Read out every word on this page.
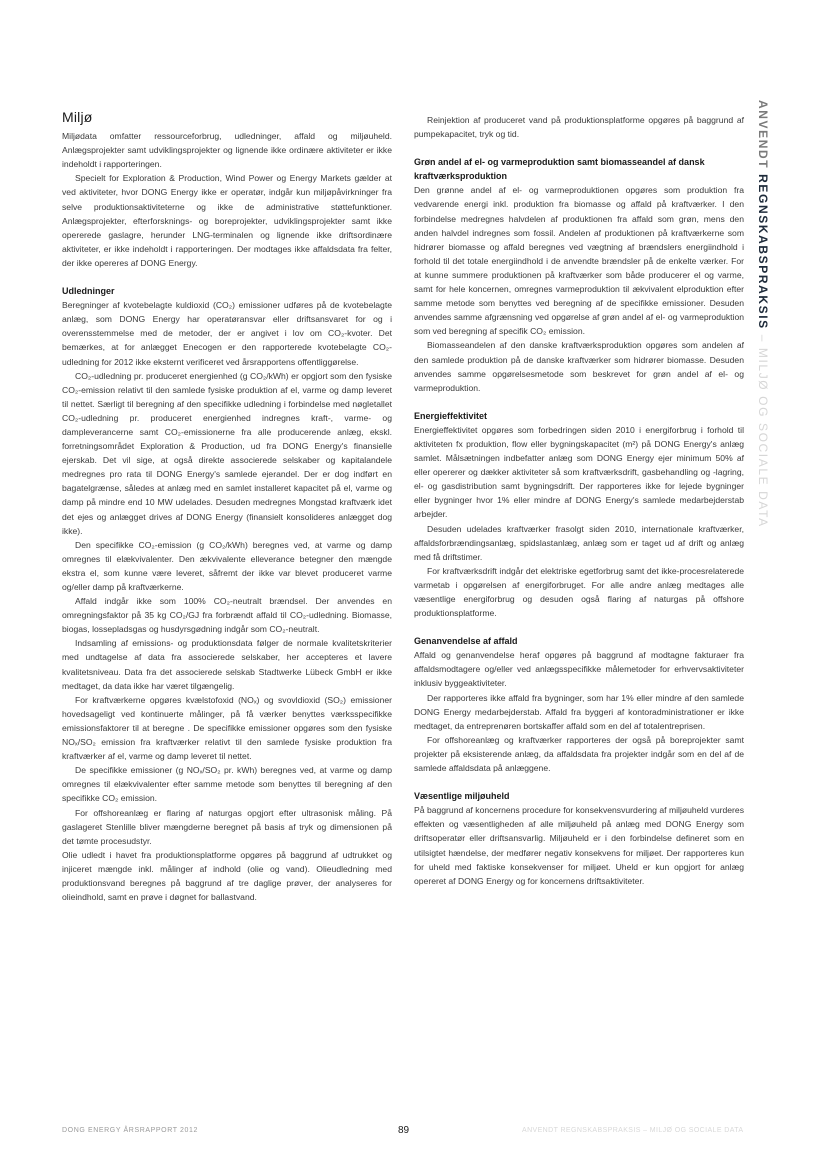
ANVENDT REGNSKABSPRAKSIS – MILJØ OG SOCIALE DATA
Miljø

Miljødata omfatter ressourceforbrug, udledninger, affald og miljøuheld. Anlægsprojekter samt udviklingsprojekter og lignende ikke ordinære aktiviteter er ikke indeholdt i rapporteringen.

Specielt for Exploration & Production, Wind Power og Energy Markets gælder at ved aktiviteter, hvor DONG Energy ikke er operatør, indgår kun miljøpåvirkninger fra selve produktionsaktiviteterne og ikke de administrative støttefunktioner. Anlægsprojekter, efterforsknings- og boreprojekter, udviklingsprojekter samt ikke opererede gaslagre, herunder LNG-terminalen og lignende ikke driftsordinære aktiviteter, er ikke indeholdt i rapporteringen. Der modtages ikke affaldsdata fra felter, der ikke opereres af DONG Energy.

Udledninger

Beregninger af kvotebelagte kuldioxid (CO₂) emissioner udføres på de kvotebelagte anlæg, som DONG Energy har operatøransvar eller driftsansvaret for og i overensstemmelse med de metoder, der er angivet i lov om CO₂-kvoter. Det bemærkes, at for anlægget Enecogen er den rapporterede kvotebelagte CO₂-udledning for 2012 ikke eksternt verificeret ved årsrapportens offentliggørelse.

CO₂-udledning pr. produceret energienhed (g CO₂/kWh) er opgjort som den fysiske CO₂-emission relativt til den samlede fysiske produktion af el, varme og damp leveret til nettet. Særligt til beregning af den specifikke udledning i forbindelse med nøgletallet CO₂-udledning pr. produceret energienhed indregnes kraft-, varme- og dampleverancerne samt CO₂-emissionerne fra alle producerende anlæg, ekskl. forretningsområdet Exploration & Production, ud fra DONG Energy's finansielle ejerskab. Det vil sige, at også direkte associerede selskaber og kapitalandele medregnes pro rata til DONG Energy's samlede ejerandel. Der er dog indført en bagatelgrænse, således at anlæg med en samlet installeret kapacitet på el, varme og damp på mindre end 10 MW udelades. Desuden medregnes Mongstad kraftværk idet det ejes og anlægget drives af DONG Energy (finansielt konsolideres anlægget dog ikke).

Den specifikke CO₂-emission (g CO₂/kWh) beregnes ved, at varme og damp omregnes til elækvivalenter. Den ækvivalente elleverance betegner den mængde ekstra el, som kunne være leveret, såfremt der ikke var blevet produceret varme og/eller damp på kraftværkerne.

Affald indgår ikke som 100% CO₂-neutralt brændsel. Der anvendes en omregningsfaktor på 35 kg CO₂/GJ fra forbrændt affald til CO₂-udledning. Biomasse, biogas, lossepladsgas og husdyrsgødning indgår som CO₂-neutralt.

Indsamling af emissions- og produktionsdata følger de normale kvalitetskriterier med undtagelse af data fra associerede selskaber, her accepteres et lavere kvalitetsniveau. Data fra det associerede selskab Stadtwerke Lübeck GmbH er ikke medtaget, da data ikke har været tilgængelig.

For kraftværkerne opgøres kvælstofoxid (NOₓ) og svovldioxid (SO₂) emissioner hovedsageligt ved kontinuerte målinger, på få værker benyttes værksspecifikke emissionsfaktorer til at beregne . De specifikke emissioner opgøres som den fysiske NOₓ/SO₂ emission fra kraftværker relativt til den samlede fysiske produktion fra kraftværker af el, varme og damp leveret til nettet.

De specifikke emissioner (g NOₓ/SO₂ pr. kWh) beregnes ved, at varme og damp omregnes til elækvivalenter efter samme metode som benyttes til beregning af den specifikke CO₂ emission.

For offshoreanlæg er flaring af naturgas opgjort efter ultrasonisk måling. På gaslageret Stenlille bliver mængderne beregnet på basis af tryk og dimensionen på det tømte procesudstyr.

Olie udledt i havet fra produktionsplatforme opgøres på baggrund af udtrukket og injiceret mængde inkl. målinger af indhold (olie og vand). Olieudledning med produktionsvand beregnes på baggrund af tre daglige prøver, der analyseres for olieindhold, samt en prøve i døgnet for ballastvand.

Reinjektion af produceret vand på produktionsplatforme opgøres på baggrund af pumpekapacitet, tryk og tid.

Grøn andel af el- og varmeproduktion samt biomasseandel af dansk kraftværksproduktion

Den grønne andel af el- og varmeproduktionen opgøres som produktion fra vedvarende energi inkl. produktion fra biomasse og affald på kraftværker. I den forbindelse medregnes halvdelen af produktionen fra affald som grøn, mens den anden halvdel indregnes som fossil. Andelen af produktionen på kraftværkerne som hidrører biomasse og affald beregnes ved vægtning af brændslers energiindhold i forhold til det totale energiindhold i de anvendte brændsler på de enkelte værker. For at kunne summere produktionen på kraftværker som både producerer el og varme, samt for hele koncernen, omregnes varmeproduktion til ækvivalent elproduktion efter samme metode som benyttes ved beregning af de specifikke emissioner. Desuden anvendes samme afgrænsning ved opgørelse af grøn andel af el- og varmeproduktion som ved beregning af specifik CO₂ emission.

Biomasseandelen af den danske kraftværksproduktion opgøres som andelen af den samlede produktion på de danske kraftværker som hidrører biomasse. Desuden anvendes samme opgørelsesmetode som beskrevet for grøn andel af el- og varmeproduktion.

Energieffektivitet

Energieffektivitet opgøres som forbedringen siden 2010 i energiforbrug i forhold til aktiviteten fx produktion, flow eller bygningskapacitet (m²) på DONG Energy's anlæg samlet. Målsætningen indbefatter anlæg som DONG Energy ejer minimum 50% af eller opererer og dækker aktiviteter så som kraftværksdrift, gasbehandling og -lagring, el- og gasdistribution samt bygningsdrift. Der rapporteres ikke for lejede bygninger eller bygninger hvor 1% eller mindre af DONG Energy's samlede medarbejderstab arbejder.

Desuden udelades kraftværker frasolgt siden 2010, internationale kraftværker, affaldsforbrændingsanlæg, spidslastanlæg, anlæg som er taget ud af drift og anlæg med få driftstimer.

For kraftværksdrift indgår det elektriske egetforbrug samt det ikke-procesrelaterede varmetab i opgørelsen af energiforbruget. For alle andre anlæg medtages alle væsentlige energiforbrug og desuden også flaring af naturgas på offshore produktionsplatforme.

Genanvendelse af affald

Affald og genanvendelse heraf opgøres på baggrund af modtagne fakturaer fra affaldsmodtagere og/eller ved anlægsspecifikke målemetoder for erhvervsaktiviteter inklusiv byggeaktiviteter.

Der rapporteres ikke affald fra bygninger, som har 1% eller mindre af den samlede DONG Energy medarbejderstab. Affald fra byggeri af kontoradministrationer er ikke medtaget, da entreprenøren bortskaffer affald som en del af totalentreprisen.

For offshoreanlæg og kraftværker rapporteres der også på boreprojekter samt projekter på eksisterende anlæg, da affaldsdata fra projekter indgår som en del af de samlede affaldsdata på anlæggene.

Væsentlige miljøuheld

På baggrund af koncernens procedure for konsekvensvurdering af miljøuheld vurderes effekten og væsentligheden af alle miljøuheld på anlæg med DONG Energy som driftsoperatør eller driftsansvarlig. Miljøuheld er i den forbindelse defineret som en utilsigtet hændelse, der medfører negativ konsekvens for miljøet. Der rapporteres kun for uheld med faktiske konsekvenser for miljøet. Uheld er kun opgjort for anlæg opereret af DONG Energy og for koncernens driftsaktiviteter.

DONG ENERGY ÅRSRAPPORT 2012	89	ANVENDT REGNSKABSPRAKSIS – MILJØ OG SOCIALE DATA
